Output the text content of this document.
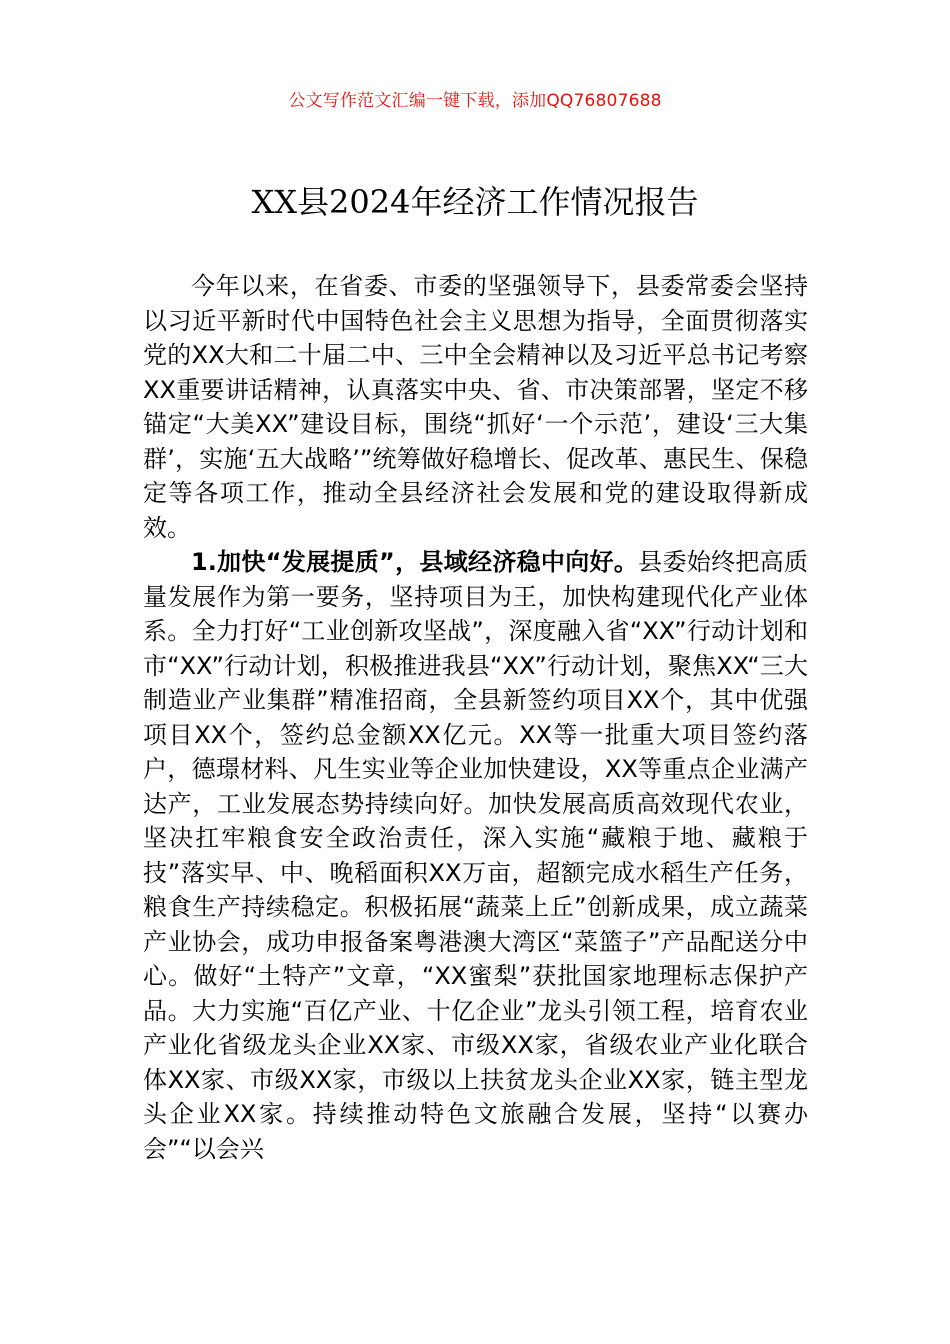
公文写作范文汇编一键下载，添加QQ76807688
XX县2024年经济工作情况报告

今年以来，在省委、市委的坚强领导下，县委常委会坚持以习近平新时代中国特色社会主义思想为指导，全面贯彻落实党的XX大和二十届二中、三中全会精神以及习近平总书记考察XX重要讲话精神，认真落实中央、省、市决策部署，坚定不移锚定“大美XX”建设目标，围绕“抓好‘一个示范’，建设‘三大集群’，实施‘五大战略’”统筹做好稳增长、促改革、惠民生、保稳定等各项工作，推动全县经济社会发展和党的建设取得新成效。

1.加快“发展提质”，县域经济稳中向好。县委始终把高质量发展作为第一要务，坚持项目为王，加快构建现代化产业体系。全力打好“工业创新攻坚战”，深度融入省“XX”行动计划和市“XX”行动计划，积极推进我县“XX”行动计划，聚焦XX“三大制造业产业集群”精准招商，全县新签约项目XX个，其中优强项目XX个，签约总金额XX亿元。XX等一批重大项目签约落户，德璟材料、凡生实业等企业加快建设，XX等重点企业满产达产，工业发展态势持续向好。加快发展高质高效现代农业，坚决扛牢粮食安全政治责任，深入实施“藏粮于地、藏粮于技”落实早、中、晚稻面积XX万亩，超额完成水稻生产任务，粮食生产持续稳定。积极拓展“蔬菜上丘”创新成果，成立蔬菜产业协会，成功申报备案粤港澳大湾区“菜篮子”产品配送分中心。做好“土特产”文章，“XX蜜梨”获批国家地理标志保护产品。大力实施“百亿产业、十亿企业”龙头引领工程，培育农业产业化省级龙头企业XX家、市级XX家，省级农业产业化联合体XX家、市级XX家，市级以上扶贫龙头企业XX家，链主型龙头企业XX家。持续推动特色文旅融合发展，坚持“以赛办会”“以会兴
